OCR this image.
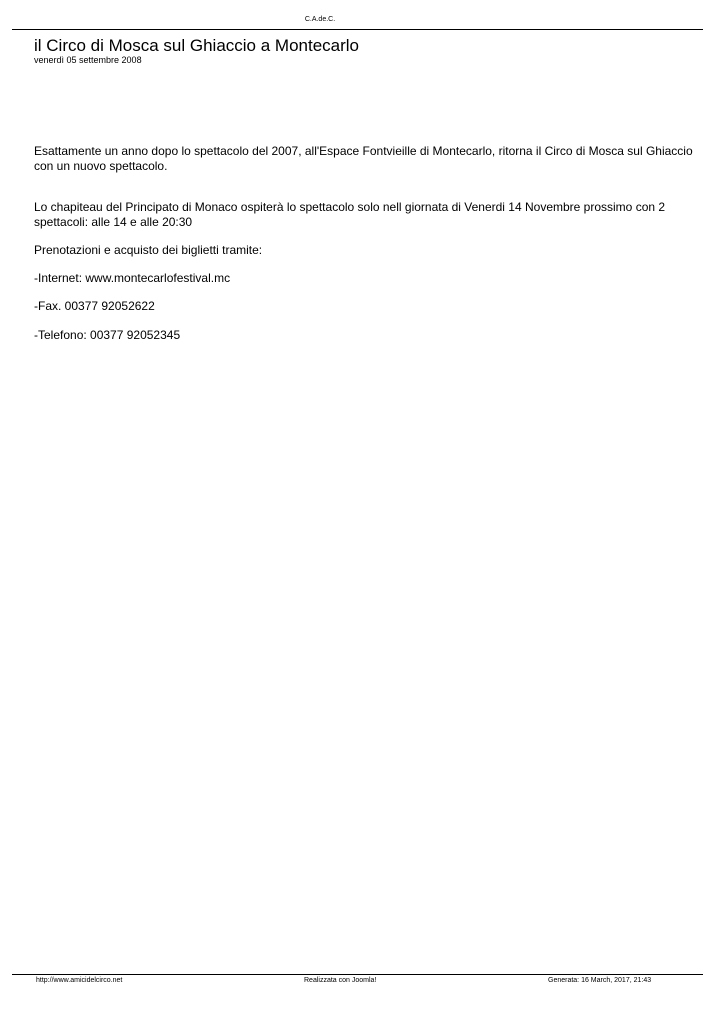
C.A.de.C.
il Circo di Mosca sul Ghiaccio a Montecarlo
venerdì 05 settembre 2008

Esattamente un anno dopo lo spettacolo del 2007, all'Espace Fontvieille di Montecarlo, ritorna il Circo di Mosca sul Ghiaccio con un nuovo spettacolo.

Lo chapiteau del Principato di Monaco ospiterà lo spettacolo solo nell giornata di Venerdi 14 Novembre prossimo con 2 spettacoli: alle 14 e alle 20:30

Prenotazioni e acquisto dei biglietti tramite:

-Internet: www.montecarlofestival.mc

-Fax. 00377 92052622

-Telefono: 00377 92052345

http://www.amicidelcirco.net	Realizzata con Joomla!	Generata: 16 March, 2017, 21:43
